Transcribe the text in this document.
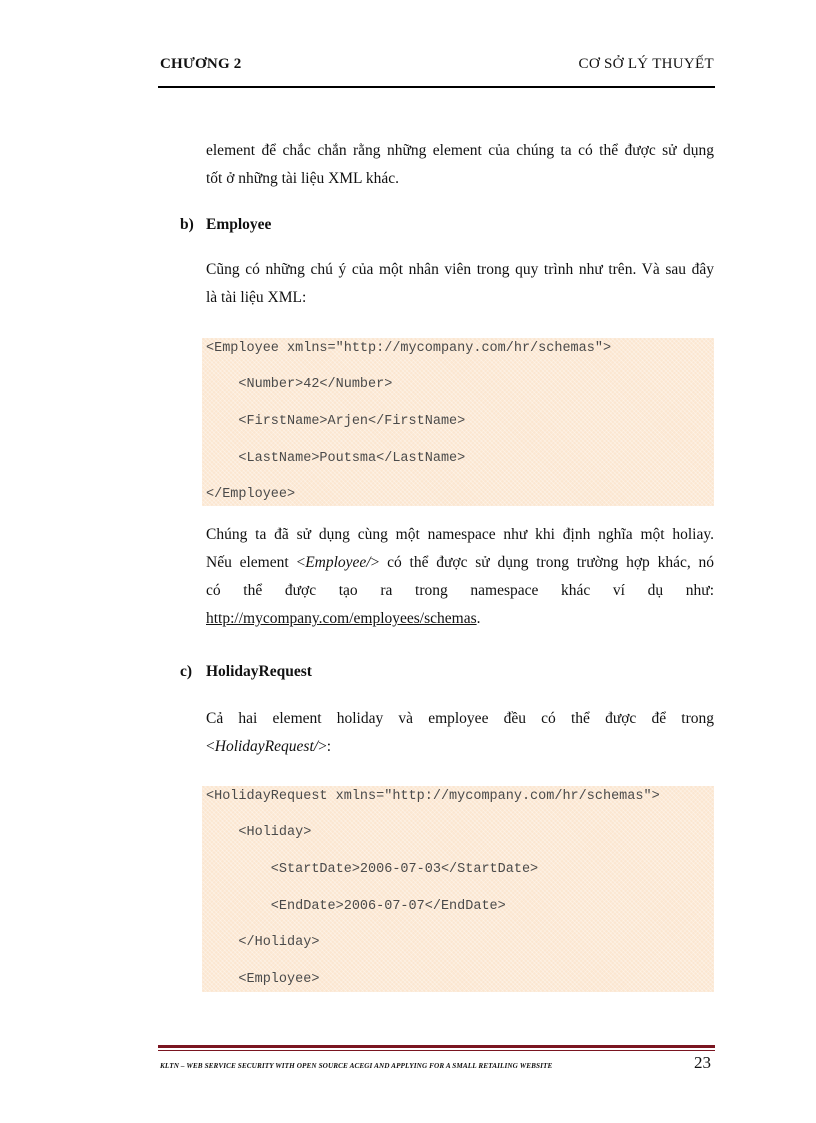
CHƯƠNG 2	CƠ SỞ LÝ THUYẾT

element để chắc chắn rằng những element của chúng ta có thể được sử dụng
tốt ở những tài liệu XML khác.

b) Employee

Cũng có những chú ý của một nhân viên trong quy trình như trên. Và sau đây
là tài liệu XML:

<Employee xmlns="http://mycompany.com/hr/schemas">
<Number>42</Number>
<FirstName>Arjen</FirstName>
<LastName>Poutsma</LastName>
</Employee>

Chúng ta đã sử dụng cùng một namespace như khi định nghĩa một holiay.
Nếu element <Employee/> có thể được sử dụng trong trường hợp khác, nó
có thể được tạo ra trong namespace khác ví dụ như:
http://mycompany.com/employees/schemas.

c) HolidayRequest

Cả hai element holiday và employee đều có thể được để trong
<HolidayRequest/>:

<HolidayRequest xmlns="http://mycompany.com/hr/schemas">
<Holiday>
<StartDate>2006-07-03</StartDate>
<EndDate>2006-07-07</EndDate>
</Holiday>
<Employee>
KLTN – WEB SERVICE SECURITY WITH OPEN SOURCE ACEGI AND APPLYING FOR A SMALL RETAILING WEBSITE	23
